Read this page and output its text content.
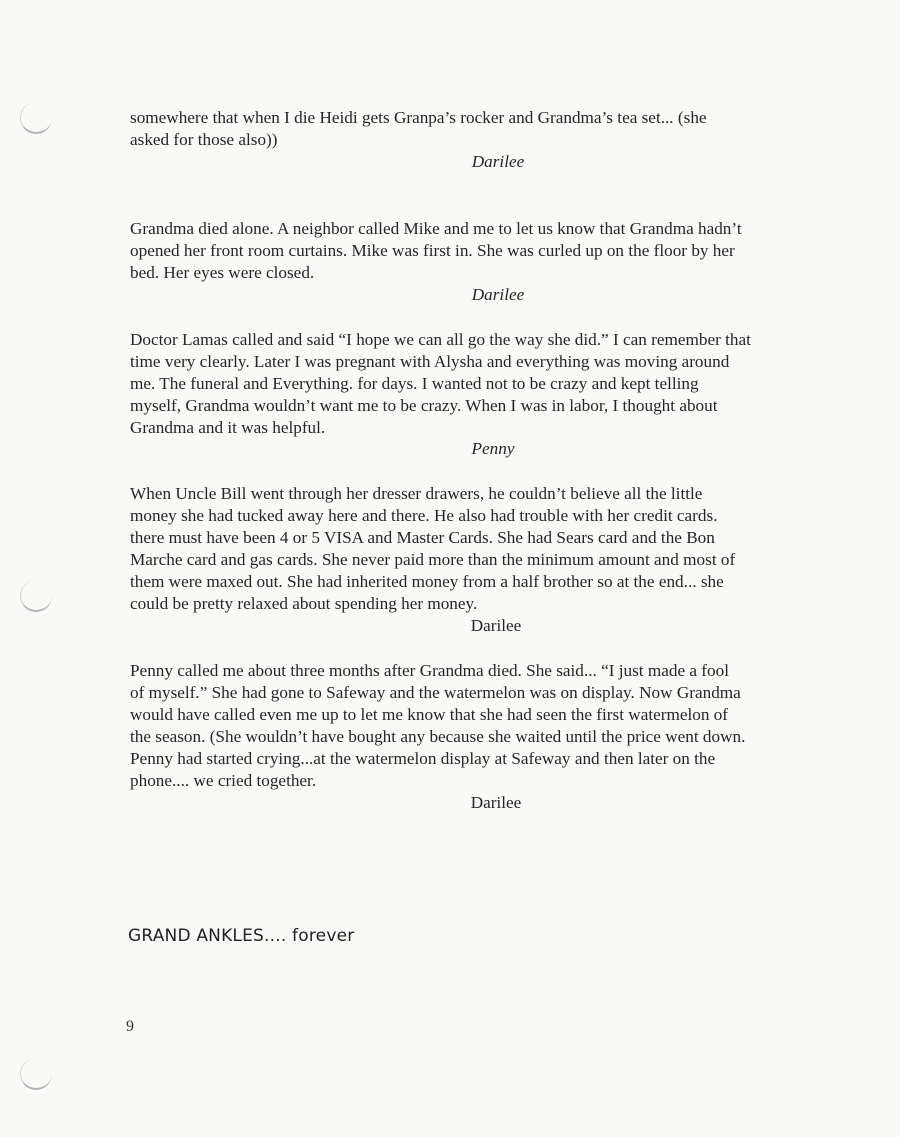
somewhere that when I die Heidi gets Granpa’s rocker and Grandma’s tea set... (she
asked for those also))

Darilee

Grandma died alone. A neighbor called Mike and me to let us know that Grandma hadn’t
opened her front room curtains. Mike was first in. She was curled up on the floor by her
bed. Her eyes were closed.

Darilee

Doctor Lamas called and said “I hope we can all go the way she did.” I can remember that
time very clearly. Later I was pregnant with Alysha and everything was moving around
me. The funeral and Everything. for days. I wanted not to be crazy and kept telling
myself, Grandma wouldn’t want me to be crazy. When I was in labor, I thought about
Grandma and it was helpful.

Penny

When Uncle Bill went through her dresser drawers, he couldn’t believe all the little
money she had tucked away here and there. He also had trouble with her credit cards.
there must have been 4 or 5 VISA and Master Cards. She had Sears card and the Bon
Marche card and gas cards. She never paid more than the minimum amount and most of
them were maxed out. She had inherited money from a half brother so at the end... she
could be pretty relaxed about spending her money.

Darilee

Penny called me about three months after Grandma died. She said... “I just made a fool
of myself.” She had gone to Safeway and the watermelon was on display. Now Grandma
would have called even me up to let me know that she had seen the first watermelon of
the season. (She wouldn’t have bought any because she waited until the price went down.
Penny had started crying...at the watermelon display at Safeway and then later on the
phone.... we cried together.

Darilee

GRAND ANKLES.... forever

9
